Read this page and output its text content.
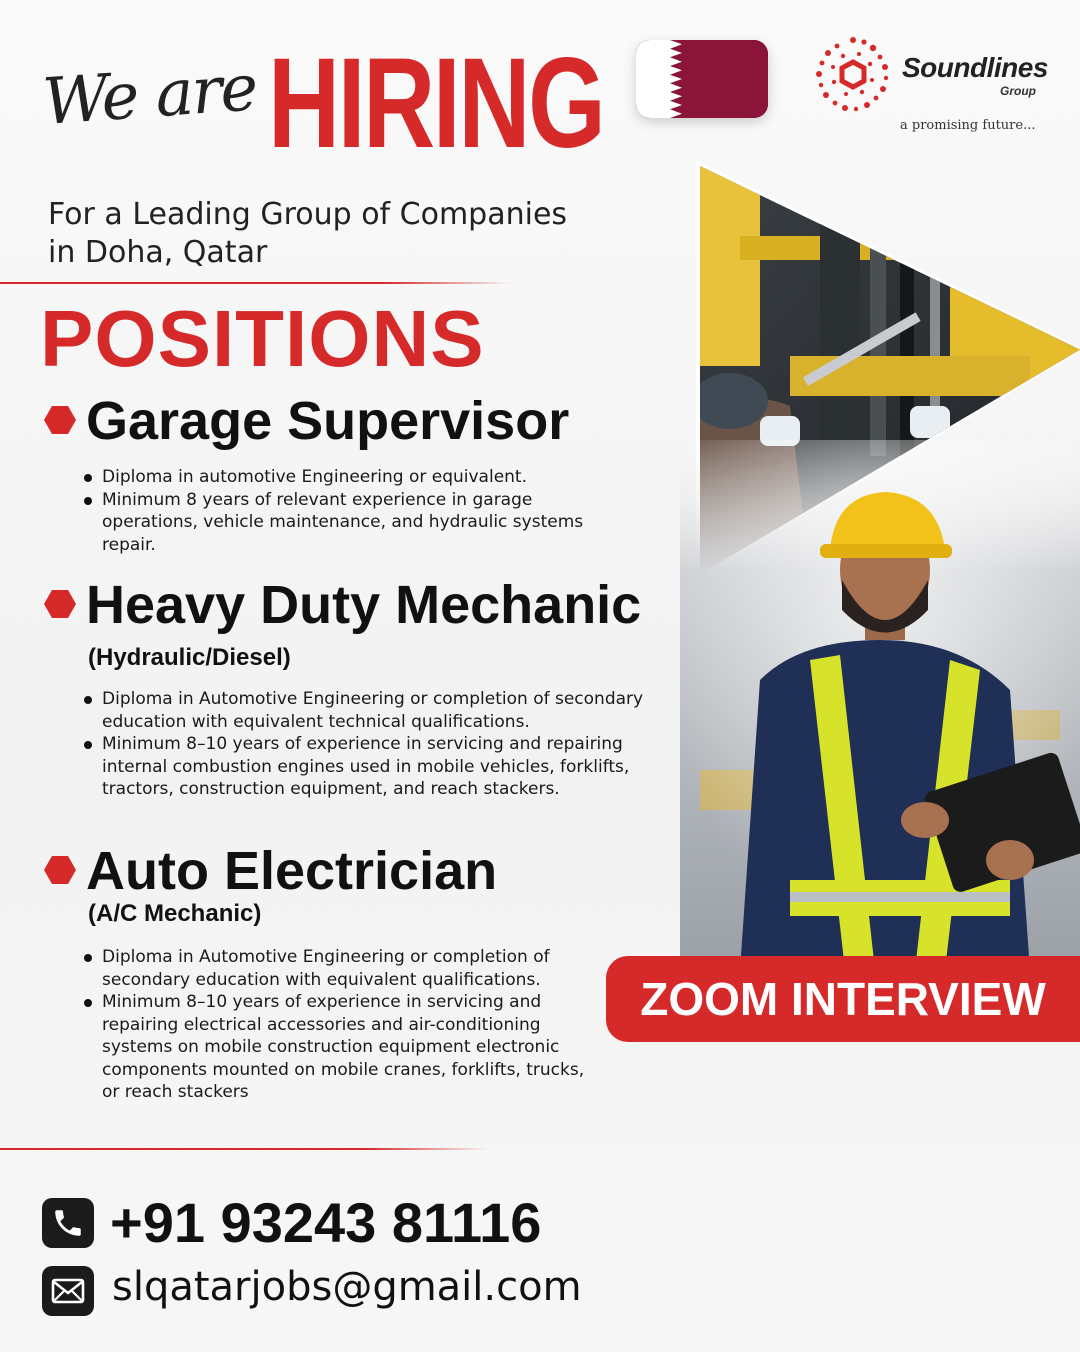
We are HIRING	Soundlines
Group
a promising future...
For a Leading Group of Companies
in Doha, Qatar
POSITIONS
Garage Supervisor
Diploma in automotive Engineering or equivalent.
Minimum 8 years of relevant experience in garage operations, vehicle maintenance, and hydraulic systems repair.
Heavy Duty Mechanic
(Hydraulic/Diesel)
Diploma in Automotive Engineering or completion of secondary education with equivalent technical qualifications.
Minimum 8–10 years of experience in servicing and repairing internal combustion engines used in mobile vehicles, forklifts, tractors, construction equipment, and reach stackers.
Auto Electrician
(A/C Mechanic)
Diploma in Automotive Engineering or completion of secondary education with equivalent qualifications.
Minimum 8–10 years of experience in servicing and repairing electrical accessories and air-conditioning systems on mobile construction equipment electronic components mounted on mobile cranes, forklifts, trucks, or reach stackers
ZOOM INTERVIEW
+91 93243 81116
slqatarjobs@gmail.com
